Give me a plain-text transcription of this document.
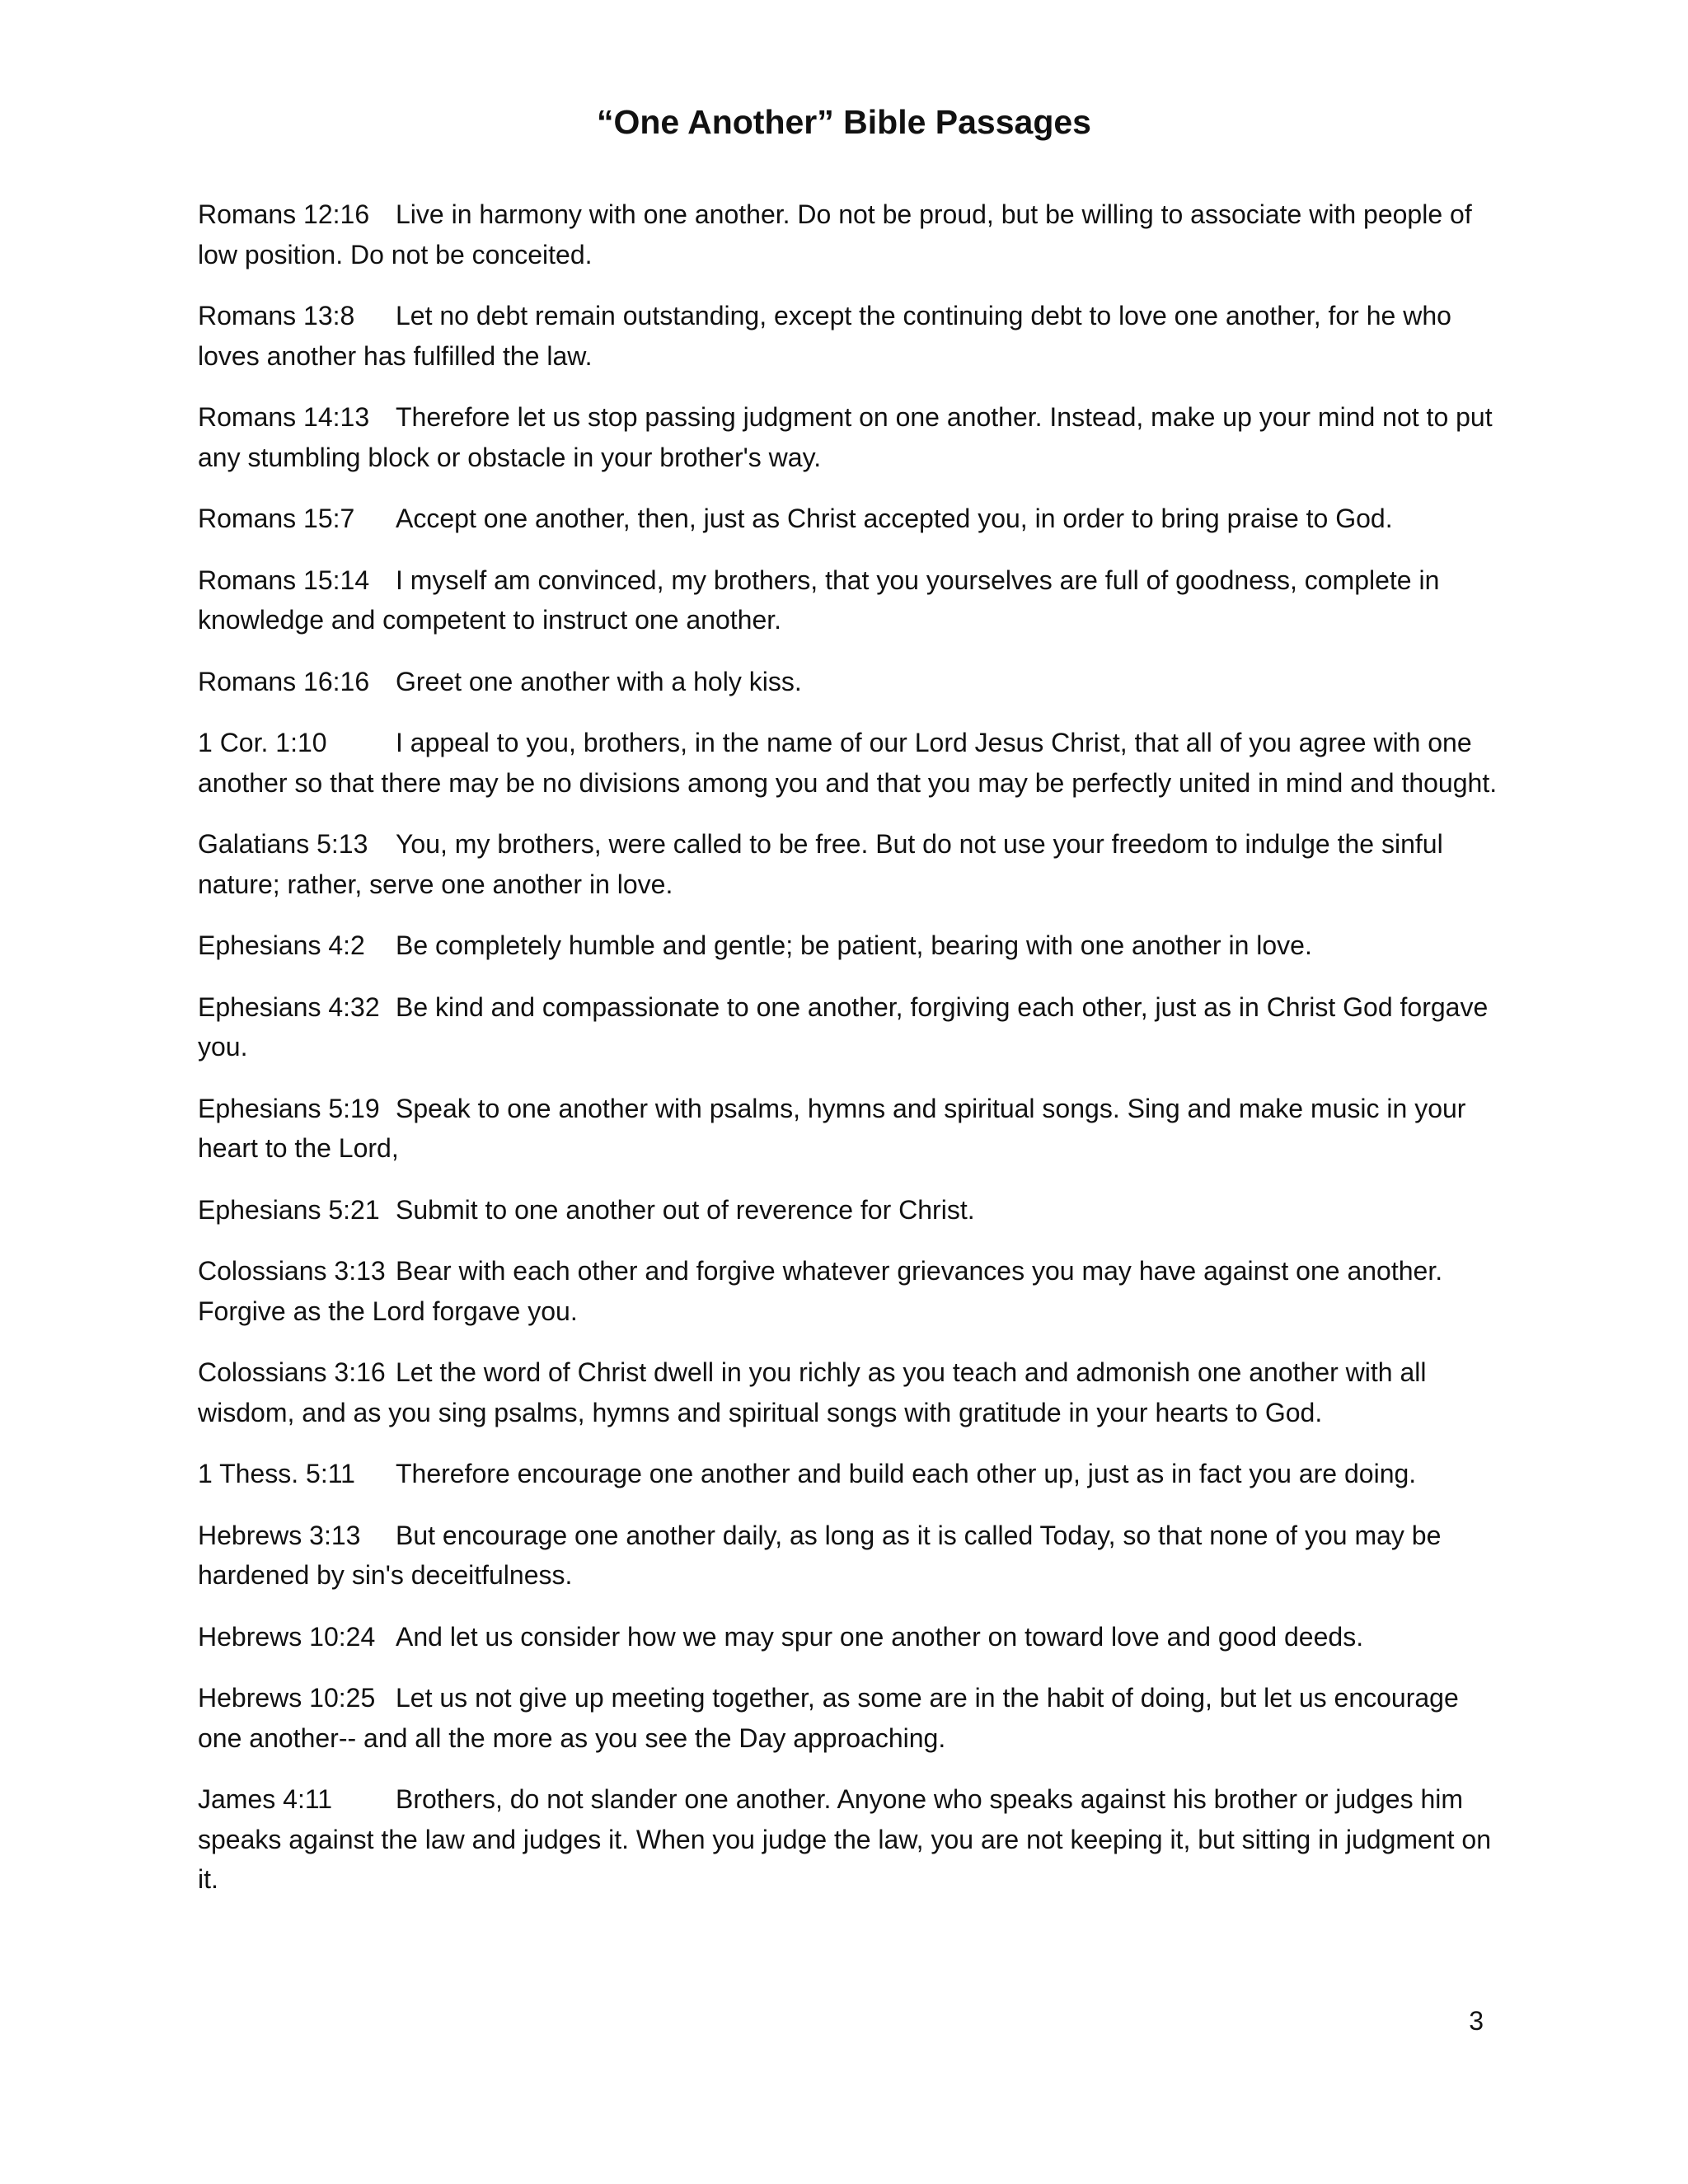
“One Another” Bible Passages

Romans 12:16 Live in harmony with one another. Do not be proud, but be willing to associate with people of low position. Do not be conceited.

Romans 13:8 Let no debt remain outstanding, except the continuing debt to love one another, for he who loves another has fulfilled the law.

Romans 14:13 Therefore let us stop passing judgment on one another. Instead, make up your mind not to put any stumbling block or obstacle in your brother's way.

Romans 15:7 Accept one another, then, just as Christ accepted you, in order to bring praise to God.

Romans 15:14 I myself am convinced, my brothers, that you yourselves are full of goodness, complete in knowledge and competent to instruct one another.

Romans 16:16 Greet one another with a holy kiss.

1 Cor. 1:10	I appeal to you, brothers, in the name of our Lord Jesus Christ, that all of you agree with one another so that there may be no divisions among you and that you may be perfectly united in mind and thought.

Galatians 5:13 You, my brothers, were called to be free. But do not use your freedom to indulge the sinful nature; rather, serve one another in love.

Ephesians 4:2 Be completely humble and gentle; be patient, bearing with one another in love.

Ephesians 4:32 Be kind and compassionate to one another, forgiving each other, just as in Christ God forgave you.

Ephesians 5:19 Speak to one another with psalms, hymns and spiritual songs. Sing and make music in your heart to the Lord,

Ephesians 5:21 Submit to one another out of reverence for Christ.

Colossians 3:13 Bear with each other and forgive whatever grievances you may have against one another. Forgive as the Lord forgave you.

Colossians 3:16 Let the word of Christ dwell in you richly as you teach and admonish one another with all wisdom, and as you sing psalms, hymns and spiritual songs with gratitude in your hearts to God.

1 Thess. 5:11 Therefore encourage one another and build each other up, just as in fact you are doing.

Hebrews 3:13 But encourage one another daily, as long as it is called Today, so that none of you may be hardened by sin's deceitfulness.

Hebrews 10:24 And let us consider how we may spur one another on toward love and good deeds.

Hebrews 10:25 Let us not give up meeting together, as some are in the habit of doing, but let us encourage one another-- and all the more as you see the Day approaching.

James 4:11 Brothers, do not slander one another. Anyone who speaks against his brother or judges him speaks against the law and judges it. When you judge the law, you are not keeping it, but sitting in judgment on it.

3
